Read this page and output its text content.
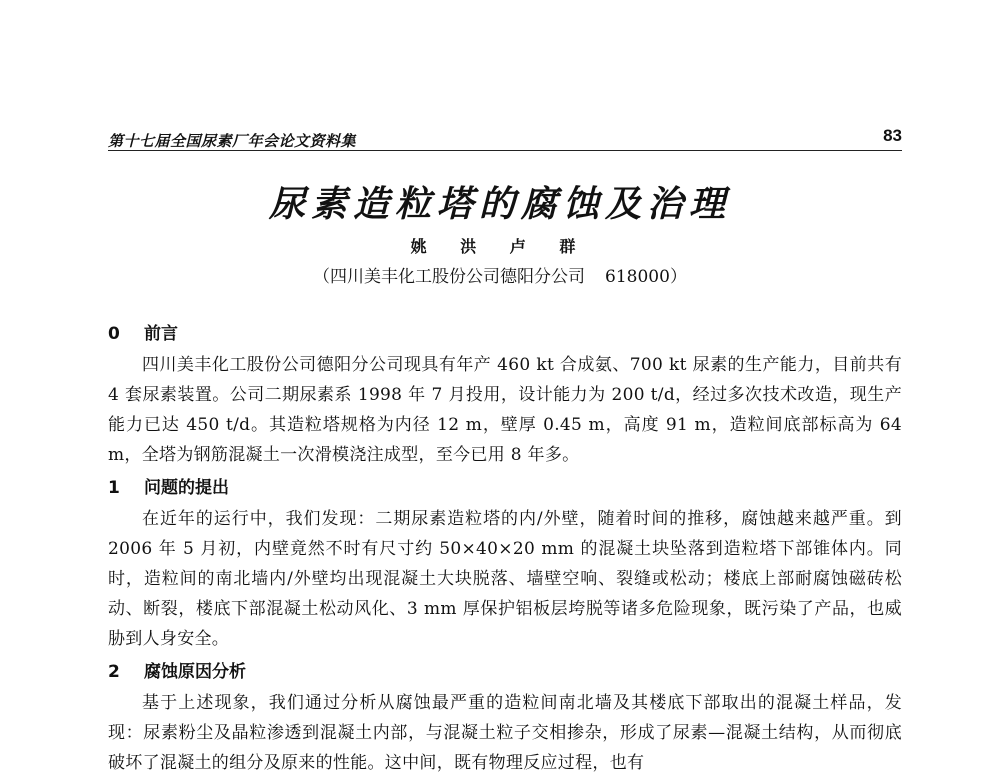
第十七届全国尿素厂年会论文资料集	83
尿素造粒塔的腐蚀及治理
姚 洪 卢 群
（四川美丰化工股份公司德阳分公司 618000）
0 前言

四川美丰化工股份公司德阳分公司现具有年产 460 kt 合成氨、700 kt 尿素的生产能力，目前共有 4 套尿素装置。公司二期尿素系 1998 年 7 月投用，设计能力为 200 t/d，经过多次技术改造，现生产能力已达 450 t/d。其造粒塔规格为内径 12 m，壁厚 0.45 m，高度 91 m，造粒间底部标高为 64 m，全塔为钢筋混凝土一次滑模浇注成型，至今已用 8 年多。

1 问题的提出

在近年的运行中，我们发现：二期尿素造粒塔的内/外壁，随着时间的推移，腐蚀越来越严重。到 2006 年 5 月初，内壁竟然不时有尺寸约 50×40×20 mm 的混凝土块坠落到造粒塔下部锥体内。同时，造粒间的南北墙内/外壁均出现混凝土大块脱落、墙壁空响、裂缝或松动；楼底上部耐腐蚀磁砖松动、断裂，楼底下部混凝土松动风化、3 mm 厚保护铝板层垮脱等诸多危险现象，既污染了产品，也威胁到人身安全。

2 腐蚀原因分析

基于上述现象，我们通过分析从腐蚀最严重的造粒间南北墙及其楼底下部取出的混凝土样品，发现：尿素粉尘及晶粒渗透到混凝土内部，与混凝土粒子交相掺杂，形成了尿素—混凝土结构，从而彻底破坏了混凝土的组分及原来的性能。这中间，既有物理反应过程，也有
